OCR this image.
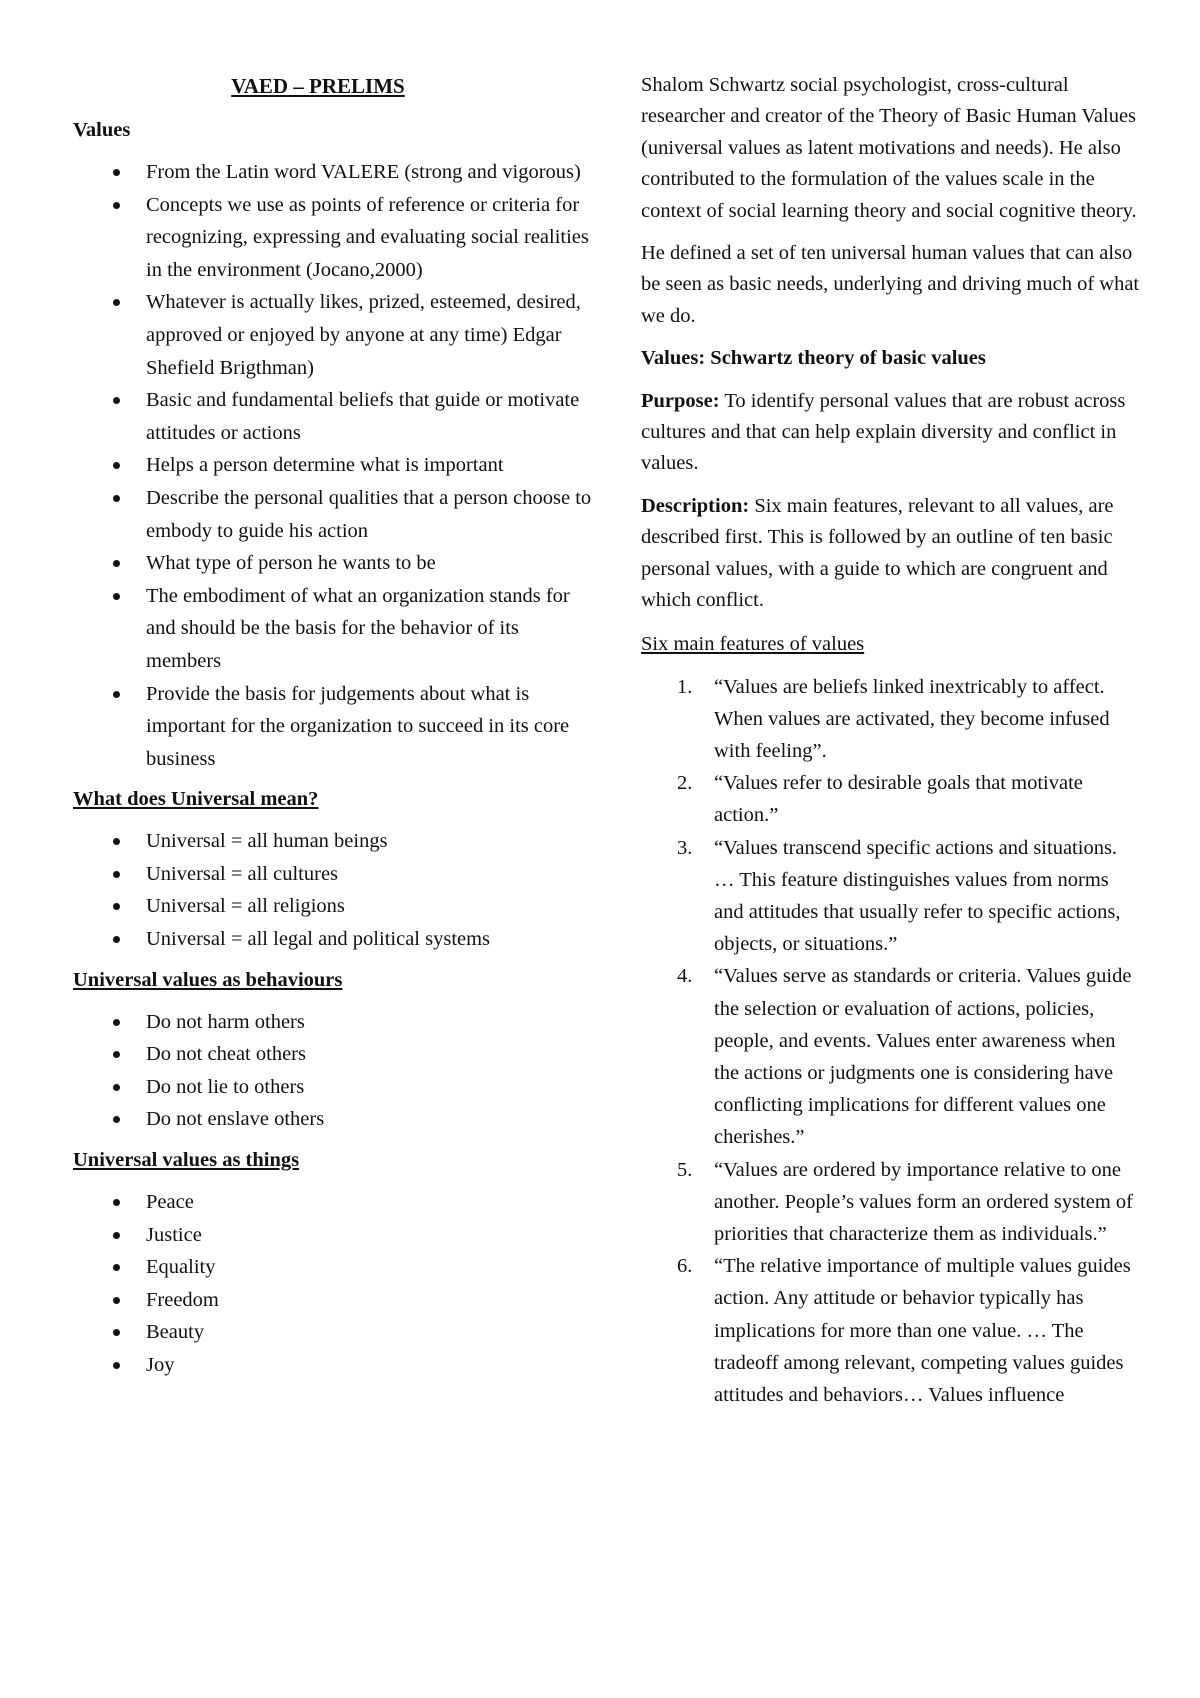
VAED – PRELIMS
Values
From the Latin word VALERE (strong and vigorous)
Concepts we use as points of reference or criteria for recognizing, expressing and evaluating social realities in the environment (Jocano,2000)
Whatever is actually likes, prized, esteemed, desired, approved or enjoyed by anyone at any time) Edgar Shefield Brigthman)
Basic and fundamental beliefs that guide or motivate attitudes or actions
Helps a person determine what is important
Describe the personal qualities that a person choose to embody to guide his action
What type of person he wants to be
The embodiment of what an organization stands for and should be the basis for the behavior of its members
Provide the basis for judgements about what is important for the organization to succeed in its core business
What does Universal mean?
Universal = all human beings
Universal = all cultures
Universal = all religions
Universal = all legal and political systems
Universal values as behaviours
Do not harm others
Do not cheat others
Do not lie to others
Do not enslave others
Universal values as things
Peace
Justice
Equality
Freedom
Beauty
Joy

Shalom Schwartz social psychologist, cross-cultural researcher and creator of the Theory of Basic Human Values (universal values as latent motivations and needs). He also contributed to the formulation of the values scale in the context of social learning theory and social cognitive theory.

He defined a set of ten universal human values that can also be seen as basic needs, underlying and driving much of what we do.

Values: Schwartz theory of basic values

Purpose: To identify personal values that are robust across cultures and that can help explain diversity and conflict in values.

Description: Six main features, relevant to all values, are described first. This is followed by an outline of ten basic personal values, with a guide to which are congruent and which conflict.

Six main features of values
1. “Values are beliefs linked inextricably to affect. When values are activated, they become infused with feeling”.
2. “Values refer to desirable goals that motivate action.”
3. “Values transcend specific actions and situations. … This feature distinguishes values from norms and attitudes that usually refer to specific actions, objects, or situations.”
4. “Values serve as standards or criteria. Values guide the selection or evaluation of actions, policies, people, and events. Values enter awareness when the actions or judgments one is considering have conflicting implications for different values one cherishes.”
5. “Values are ordered by importance relative to one another. People’s values form an ordered system of priorities that characterize them as individuals.”
6. “The relative importance of multiple values guides action. Any attitude or behavior typically has implications for more than one value. … The tradeoff among relevant, competing values guides attitudes and behaviors… Values influence
